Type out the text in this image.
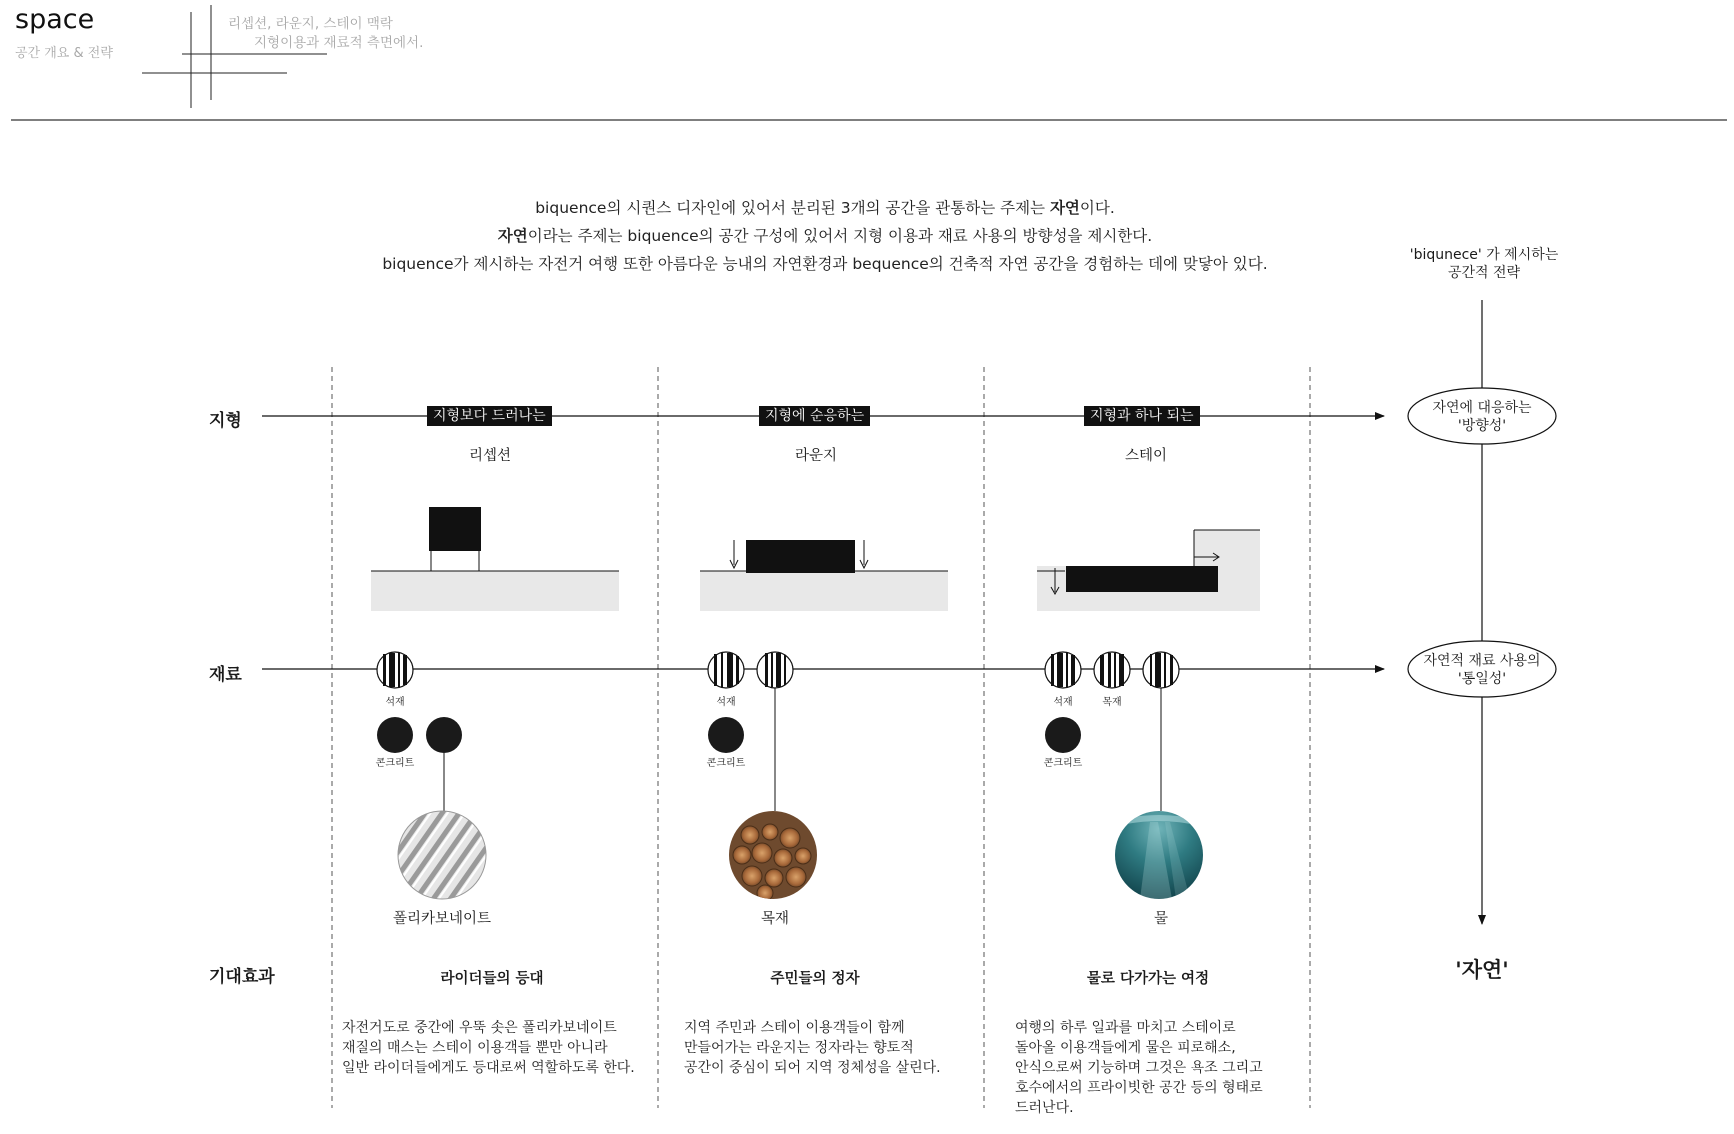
space
공간 개요 & 전략
리셉션, 라운지, 스테이 맥락
지형이용과 재료적 측면에서.
biquence의 시퀀스 디자인에 있어서 분리된 3개의 공간을 관통하는 주제는 자연이다.
자연이라는 주제는 biquence의 공간 구성에 있어서 지형 이용과 재료 사용의 방향성을 제시한다.
biquence가 제시하는 자전거 여행 또한 아름다운 능내의 자연환경과 bequence의 건축적 자연 공간을 경험하는 데에 맞닿아 있다.	'biqunece' 가 제시하는
공간적 전략
지형
재료
기대효과
자연에 대응하는
'방향성'
자연적 재료 사용의
'통일성'
'자연'
지형보다 드러나는
리셉션
석재
콘크리트
폴리카보네이트
라이더들의 등대
자전거도로 중간에 우뚝 솟은 폴리카보네이트
재질의 매스는 스테이 이용객들 뿐만 아니라
일반 라이더들에게도 등대로써 역할하도록 한다.
지형에 순응하는
라운지
석재
콘크리트
목재
주민들의 정자
지역 주민과 스테이 이용객들이 함께
만들어가는 라운지는 정자라는 향토적
공간이 중심이 되어 지역 정체성을 살린다.
지형과 하나 되는
스테이
석재	목재
콘크리트
물
물로 다가가는 여정
여행의 하루 일과를 마치고 스테이로
돌아올 이용객들에게 물은 피로해소,
안식으로써 기능하며 그것은 욕조 그리고
호수에서의 프라이빗한 공간 등의 형태로
드러난다.
